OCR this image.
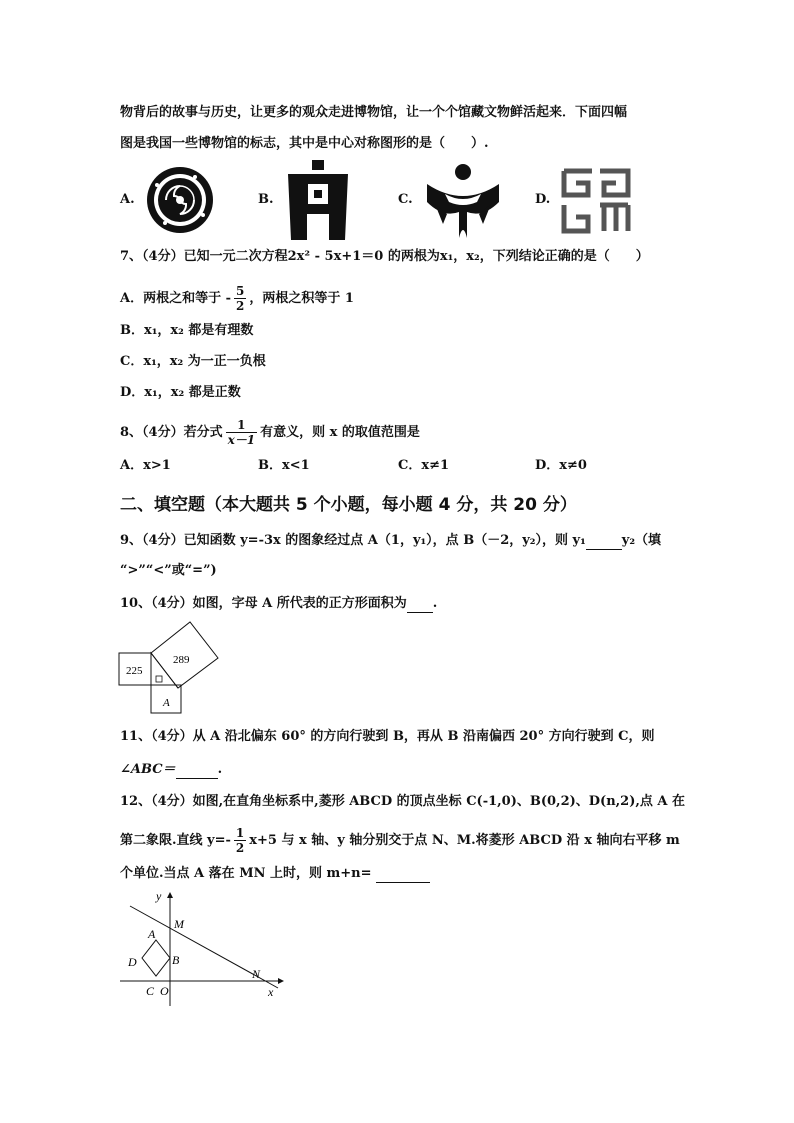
物背后的故事与历史，让更多的观众走进博物馆，让一个个馆藏文物鲜活起来．下面四幅
图是我国一些博物馆的标志，其中是中心对称图形的是（　　）.
A.	B.	C.	D.
7、（4分）已知一元二次方程2x² - 5x+1＝0 的两根为x₁，x₂，下列结论正确的是（　　）
A．两根之和等于 - $\frac{5}{2}$ ，两根之积等于 1
B．x₁，x₂ 都是有理数
C．x₁，x₂ 为一正一负根
D．x₁，x₂ 都是正数
8、（4分）若分式 $\frac{1}{x-1}$ 有意义，则 x 的取值范围是
A．x>1	B．x<1	C．x≠1	D．x≠0
二、填空题（本大题共 5 个小题，每小题 4 分，共 20 分）
9、（4分）已知函数 y=-3x 的图象经过点 A（1，y₁），点 B（－2，y₂），则 y₁	y₂（填
“>”“<”或“=”)
10、（4分）如图，字母 A 所代表的正方形面积为 .
225
289
A
11、（4分）从 A 沿北偏东 60° 的方向行驶到 B，再从 B 沿南偏西 20° 方向行驶到 C，则
∠ABC＝	.
12、（4分）如图,在直角坐标系中,菱形 ABCD 的顶点坐标 C(-1,0)、B(0,2)、D(n,2),点 A 在
第二象限.直线 $y=- \frac{1}{2} x+5$ 与 x 轴、y 轴分别交于点 N、M.将菱形 ABCD 沿 x 轴向右平移 m
个单位.当点 A 落在 MN 上时，则 m+n=
y
x
M
A
D	B
N
C O
